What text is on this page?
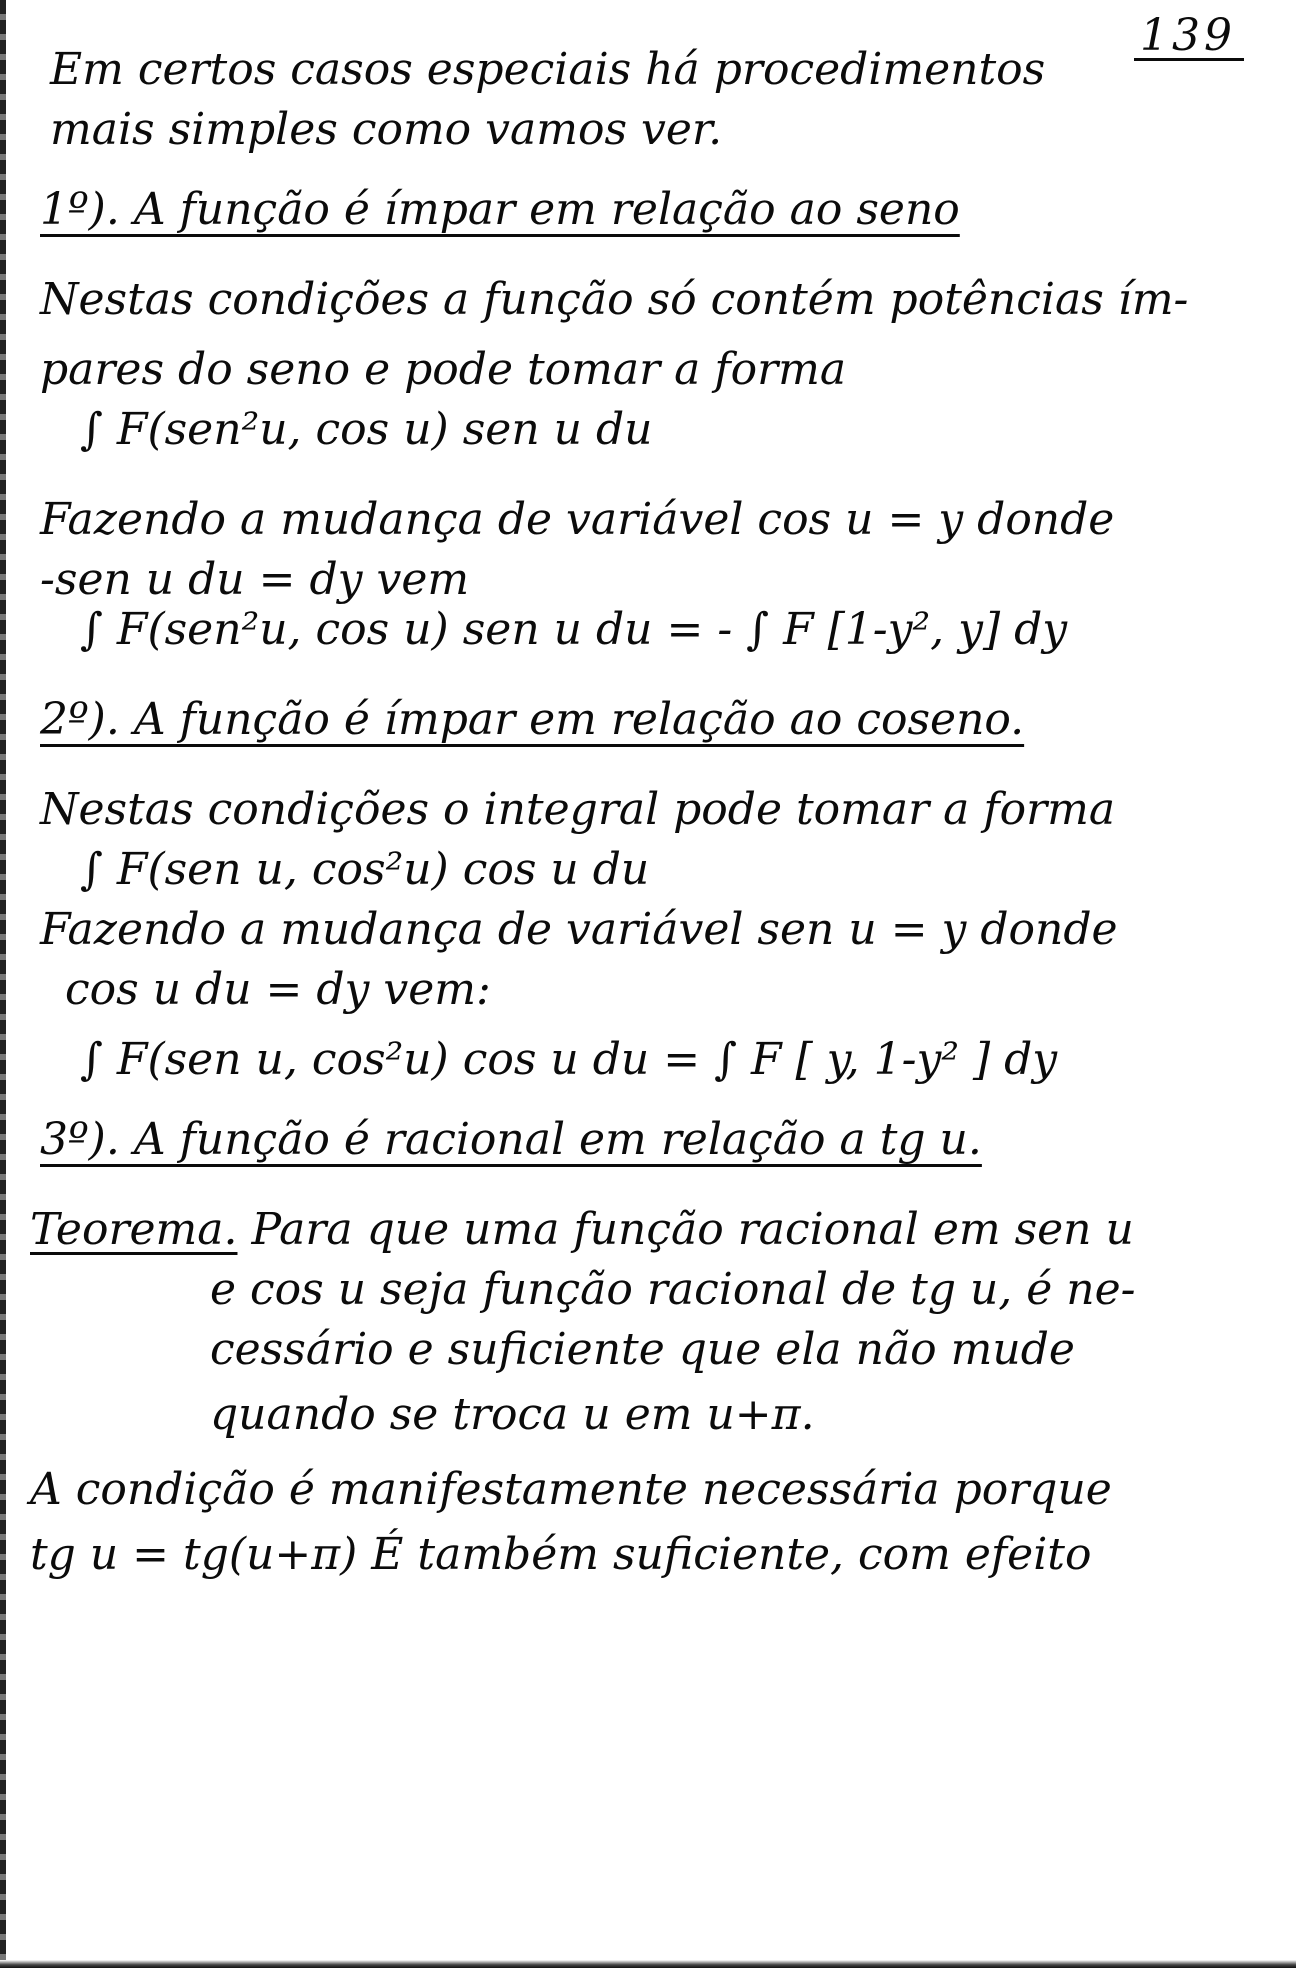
139
Em certos casos especiais há procedimentos
mais simples como vamos ver.
1º). A função é ímpar em relação ao seno
Nestas condições a função só contém potências ím-
pares do seno e pode tomar a forma
∫ F(sen²u, cos u) sen u du
Fazendo a mudança de variável cos u = y donde
-sen u du = dy vem
∫ F(sen²u, cos u) sen u du = - ∫ F [1-y², y] dy
2º). A função é ímpar em relação ao coseno.
Nestas condições o integral pode tomar a forma
∫ F(sen u, cos²u) cos u du
Fazendo a mudança de variável sen u = y donde
cos u du = dy vem:
∫ F(sen u, cos²u) cos u du = ∫ F [ y, 1-y² ] dy
3º). A função é racional em relação a tg u.
Teorema. Para que uma função racional em sen u
e cos u seja função racional de tg u, é ne-
cessário e suficiente que ela não mude
quando se troca u em u+π.
A condição é manifestamente necessária porque
tg u = tg(u+π) É também suficiente, com efeito
